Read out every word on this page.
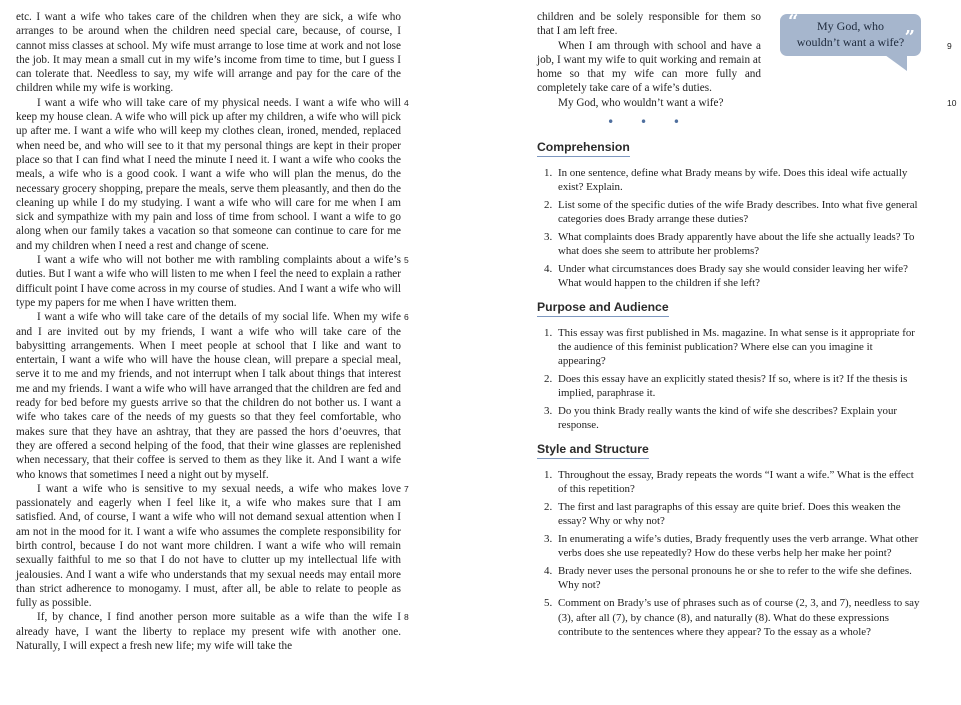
etc. I want a wife who takes care of the children when they are sick, a wife who arranges to be around when the children need special care, because, of course, I cannot miss classes at school. My wife must arrange to lose time at work and not lose the job. It may mean a small cut in my wife’s income from time to time, but I guess I can tolerate that. Needless to say, my wife will arrange and pay for the care of the children while my wife is working.

4
I want a wife who will take care of my physical needs. I want a wife who will keep my house clean. A wife who will pick up after my children, a wife who will pick up after me. I want a wife who will keep my clothes clean, ironed, mended, replaced when need be, and who will see to it that my personal things are kept in their proper place so that I can find what I need the minute I need it. I want a wife who cooks the meals, a wife who is a good cook. I want a wife who will plan the menus, do the necessary grocery shopping, prepare the meals, serve them pleasantly, and then do the cleaning up while I do my studying. I want a wife who will care for me when I am sick and sympathize with my pain and loss of time from school. I want a wife to go along when our family takes a vacation so that someone can continue to care for me and my children when I need a rest and change of scene.

5
I want a wife who will not bother me with rambling complaints about a wife’s duties. But I want a wife who will listen to me when I feel the need to explain a rather difficult point I have come across in my course of studies. And I want a wife who will type my papers for me when I have written them.

6
I want a wife who will take care of the details of my social life. When my wife and I are invited out by my friends, I want a wife who will take care of the babysitting arrangements. When I meet people at school that I like and want to entertain, I want a wife who will have the house clean, will prepare a special meal, serve it to me and my friends, and not interrupt when I talk about things that interest me and my friends. I want a wife who will have arranged that the children are fed and ready for bed before my guests arrive so that the children do not bother us. I want a wife who takes care of the needs of my guests so that they feel comfortable, who makes sure that they have an ashtray, that they are passed the hors d’oeuvres, that they are offered a second helping of the food, that their wine glasses are replenished when necessary, that their coffee is served to them as they like it. And I want a wife who knows that sometimes I need a night out by myself.

7
I want a wife who is sensitive to my sexual needs, a wife who makes love passionately and eagerly when I feel like it, a wife who makes sure that I am satisfied. And, of course, I want a wife who will not demand sexual attention when I am not in the mood for it. I want a wife who assumes the complete responsibility for birth control, because I do not want more children. I want a wife who will remain sexually faithful to me so that I do not have to clutter up my intellectual life with jealousies. And I want a wife who understands that my sexual needs may entail more than strict adherence to monogamy. I must, after all, be able to relate to people as fully as possible.

8
If, by chance, I find another person more suitable as a wife than the wife I already have, I want the liberty to replace my present wife with another one. Naturally, I will expect a fresh new life; my wife will take the

“	My God, who
wouldn’t want a wife? ”

children and be solely responsible for them so that I am left free.

9
When I am through with school and have a job, I want my wife to quit working and remain at home so that my wife can more fully and completely take care of a wife’s duties.

10
My God, who wouldn’t want a wife?

• • •
Comprehension
1. In one sentence, define what Brady means by wife. Does this ideal wife actually exist? Explain.
2. List some of the specific duties of the wife Brady describes. Into what five general categories does Brady arrange these duties?
3. What complaints does Brady apparently have about the life she actually leads? To what does she seem to attribute her problems?
4. Under what circumstances does Brady say she would consider leaving her wife? What would happen to the children if she left?
Purpose and Audience
1. This essay was first published in Ms. magazine. In what sense is it appropriate for the audience of this feminist publication? Where else can you imagine it appearing?
2. Does this essay have an explicitly stated thesis? If so, where is it? If the thesis is implied, paraphrase it.
3. Do you think Brady really wants the kind of wife she describes? Explain your response.
Style and Structure
1. Throughout the essay, Brady repeats the words “I want a wife.” What is the effect of this repetition?
2. The first and last paragraphs of this essay are quite brief. Does this weaken the essay? Why or why not?
3. In enumerating a wife’s duties, Brady frequently uses the verb arrange. What other verbs does she use repeatedly? How do these verbs help her make her point?
4. Brady never uses the personal pronouns he or she to refer to the wife she defines. Why not?
5. Comment on Brady’s use of phrases such as of course (2, 3, and 7), needless to say (3), after all (7), by chance (8), and naturally (8). What do these expressions contribute to the sentences where they appear? To the essay as a whole?
